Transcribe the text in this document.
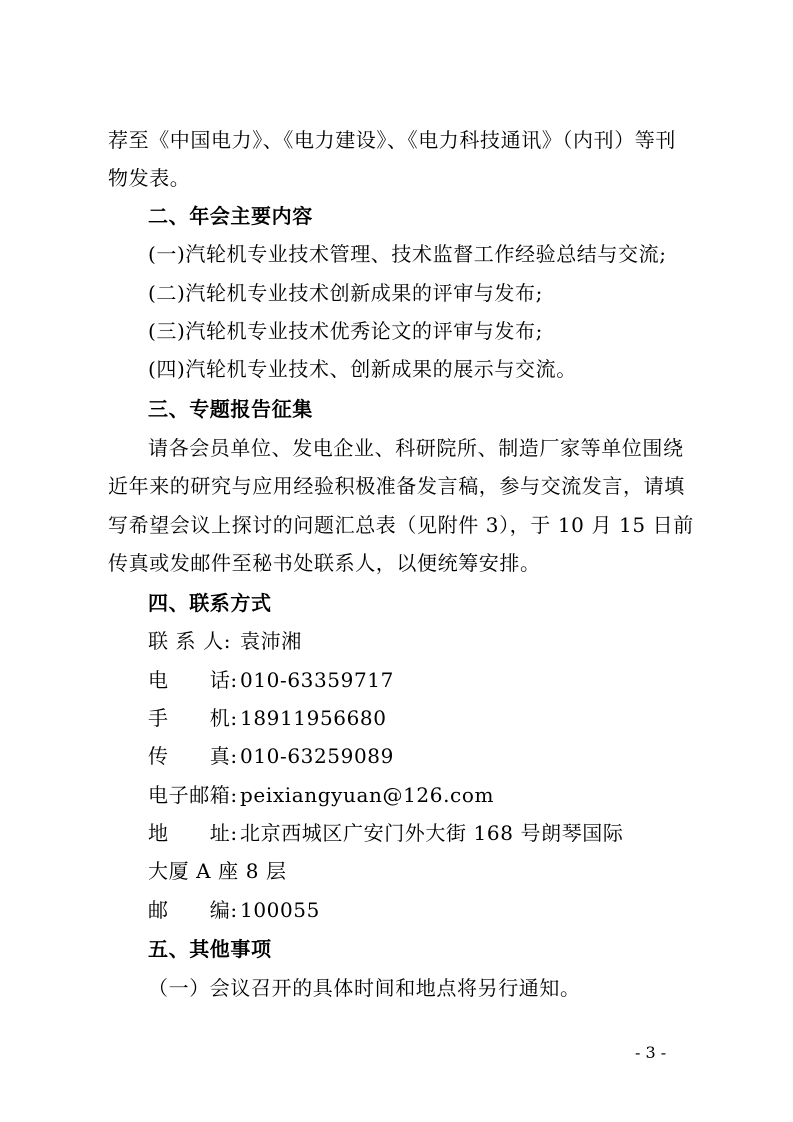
荐至《中国电力》、《电力建设》、《电力科技通讯》（内刊）等刊
物发表。
二、年会主要内容
(一)汽轮机专业技术管理、技术监督工作经验总结与交流;
(二)汽轮机专业技术创新成果的评审与发布;
(三)汽轮机专业技术优秀论文的评审与发布;
(四)汽轮机专业技术、创新成果的展示与交流。
三、专题报告征集
请各会员单位、发电企业、科研院所、制造厂家等单位围绕
近年来的研究与应用经验积极准备发言稿，参与交流发言，请填
写希望会议上探讨的问题汇总表（见附件 3），于 10 月 15 日前
传真或发邮件至秘书处联系人，以便统筹安排。
四、联系方式
联 系 人: 袁沛湘
电　　话: 010-63359717
手　　机: 18911956680
传　　真: 010-63259089
电子邮箱: peixiangyuan@126.com
地　　址: 北京西城区广安门外大街 168 号朗琴国际
大厦 A 座 8 层
邮　　编: 100055
五、其他事项
（一）会议召开的具体时间和地点将另行通知。
- 3 -
